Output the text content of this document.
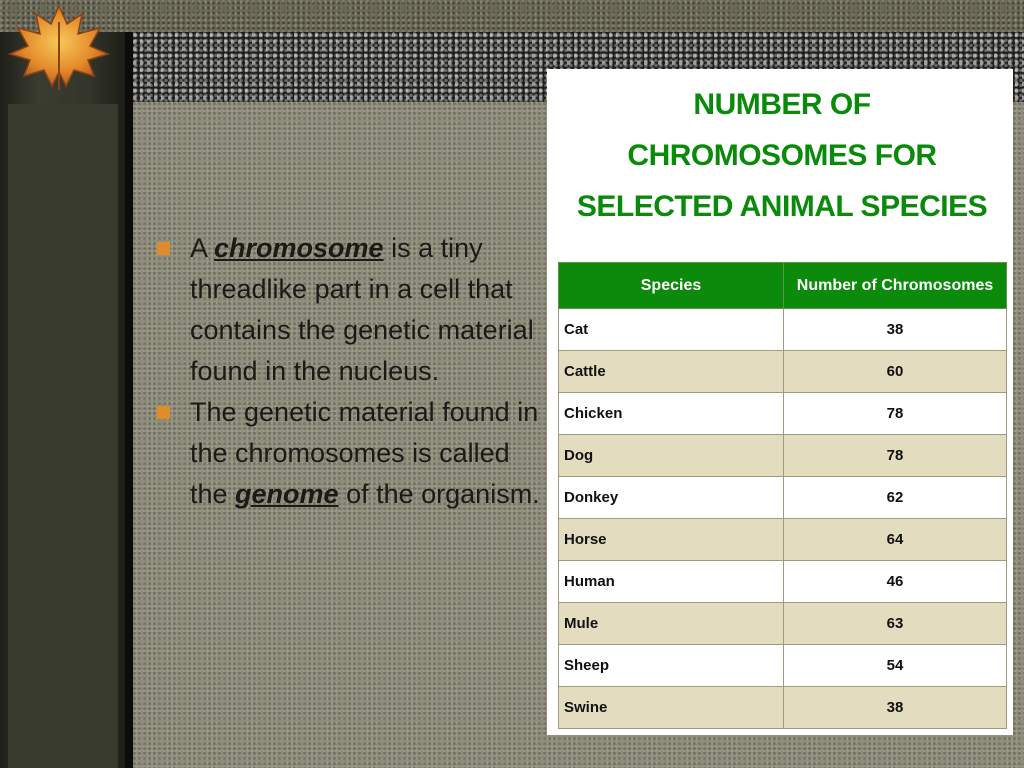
A chromosome is a tiny threadlike part in a cell that contains the genetic material found in the nucleus.
The genetic material found in the chromosomes is called the genome of the organism.
NUMBER OF
CHROMOSOMES FOR
SELECTED ANIMAL SPECIES
Species	Number of Chromosomes
Cat	38
Cattle	60
Chicken	78
Dog	78
Donkey	62
Horse	64
Human	46
Mule	63
Sheep	54
Swine	38
